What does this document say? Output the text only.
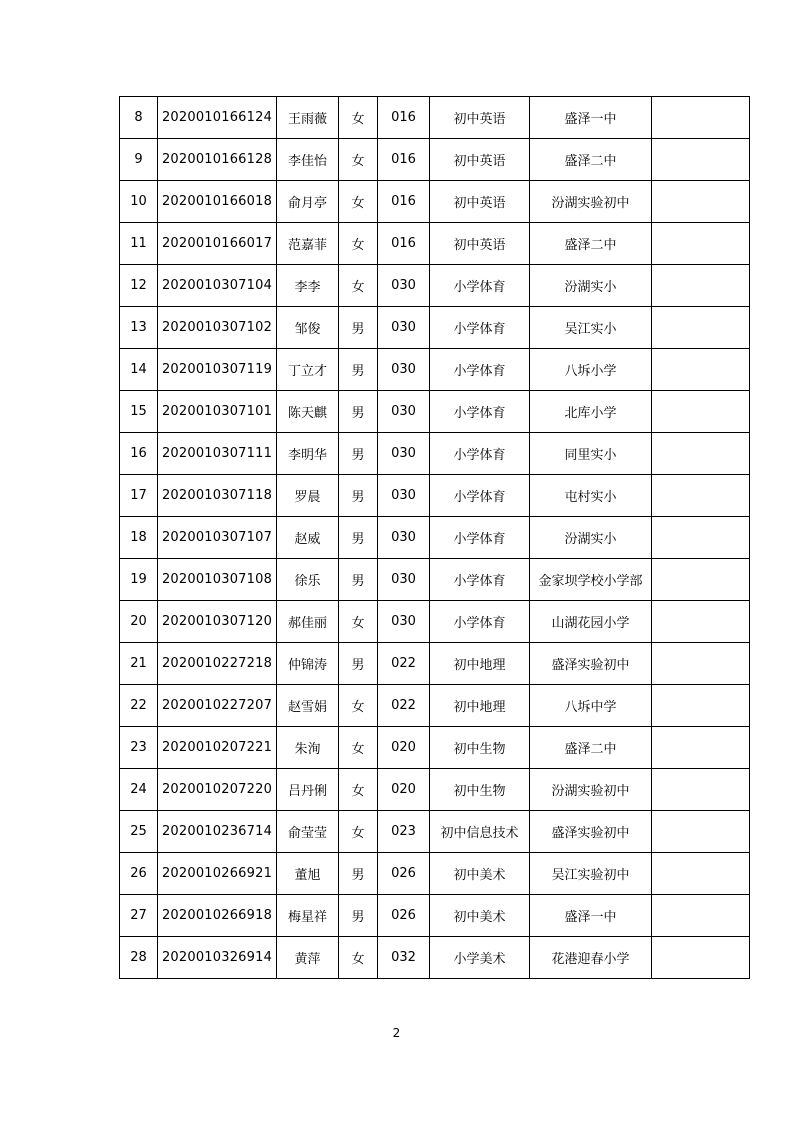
8	2020010166124	王雨薇	女	016	初中英语	盛泽一中	
9	2020010166128	李佳怡	女	016	初中英语	盛泽二中	
10	2020010166018	俞月亭	女	016	初中英语	汾湖实验初中	
11	2020010166017	范嘉菲	女	016	初中英语	盛泽二中	
12	2020010307104	李李	女	030	小学体育	汾湖实小	
13	2020010307102	邹俊	男	030	小学体育	吴江实小	
14	2020010307119	丁立才	男	030	小学体育	八坼小学	
15	2020010307101	陈天麒	男	030	小学体育	北库小学	
16	2020010307111	李明华	男	030	小学体育	同里实小	
17	2020010307118	罗晨	男	030	小学体育	屯村实小	
18	2020010307107	赵威	男	030	小学体育	汾湖实小	
19	2020010307108	徐乐	男	030	小学体育	金家坝学校小学部	
20	2020010307120	郝佳丽	女	030	小学体育	山湖花园小学	
21	2020010227218	仲锦涛	男	022	初中地理	盛泽实验初中	
22	2020010227207	赵雪娟	女	022	初中地理	八坼中学	
23	2020010207221	朱洵	女	020	初中生物	盛泽二中	
24	2020010207220	吕丹俐	女	020	初中生物	汾湖实验初中	
25	2020010236714	俞莹莹	女	023	初中信息技术	盛泽实验初中	
26	2020010266921	董旭	男	026	初中美术	吴江实验初中	
27	2020010266918	梅星祥	男	026	初中美术	盛泽一中	
28	2020010326914	黄萍	女	032	小学美术	花港迎春小学	
2
